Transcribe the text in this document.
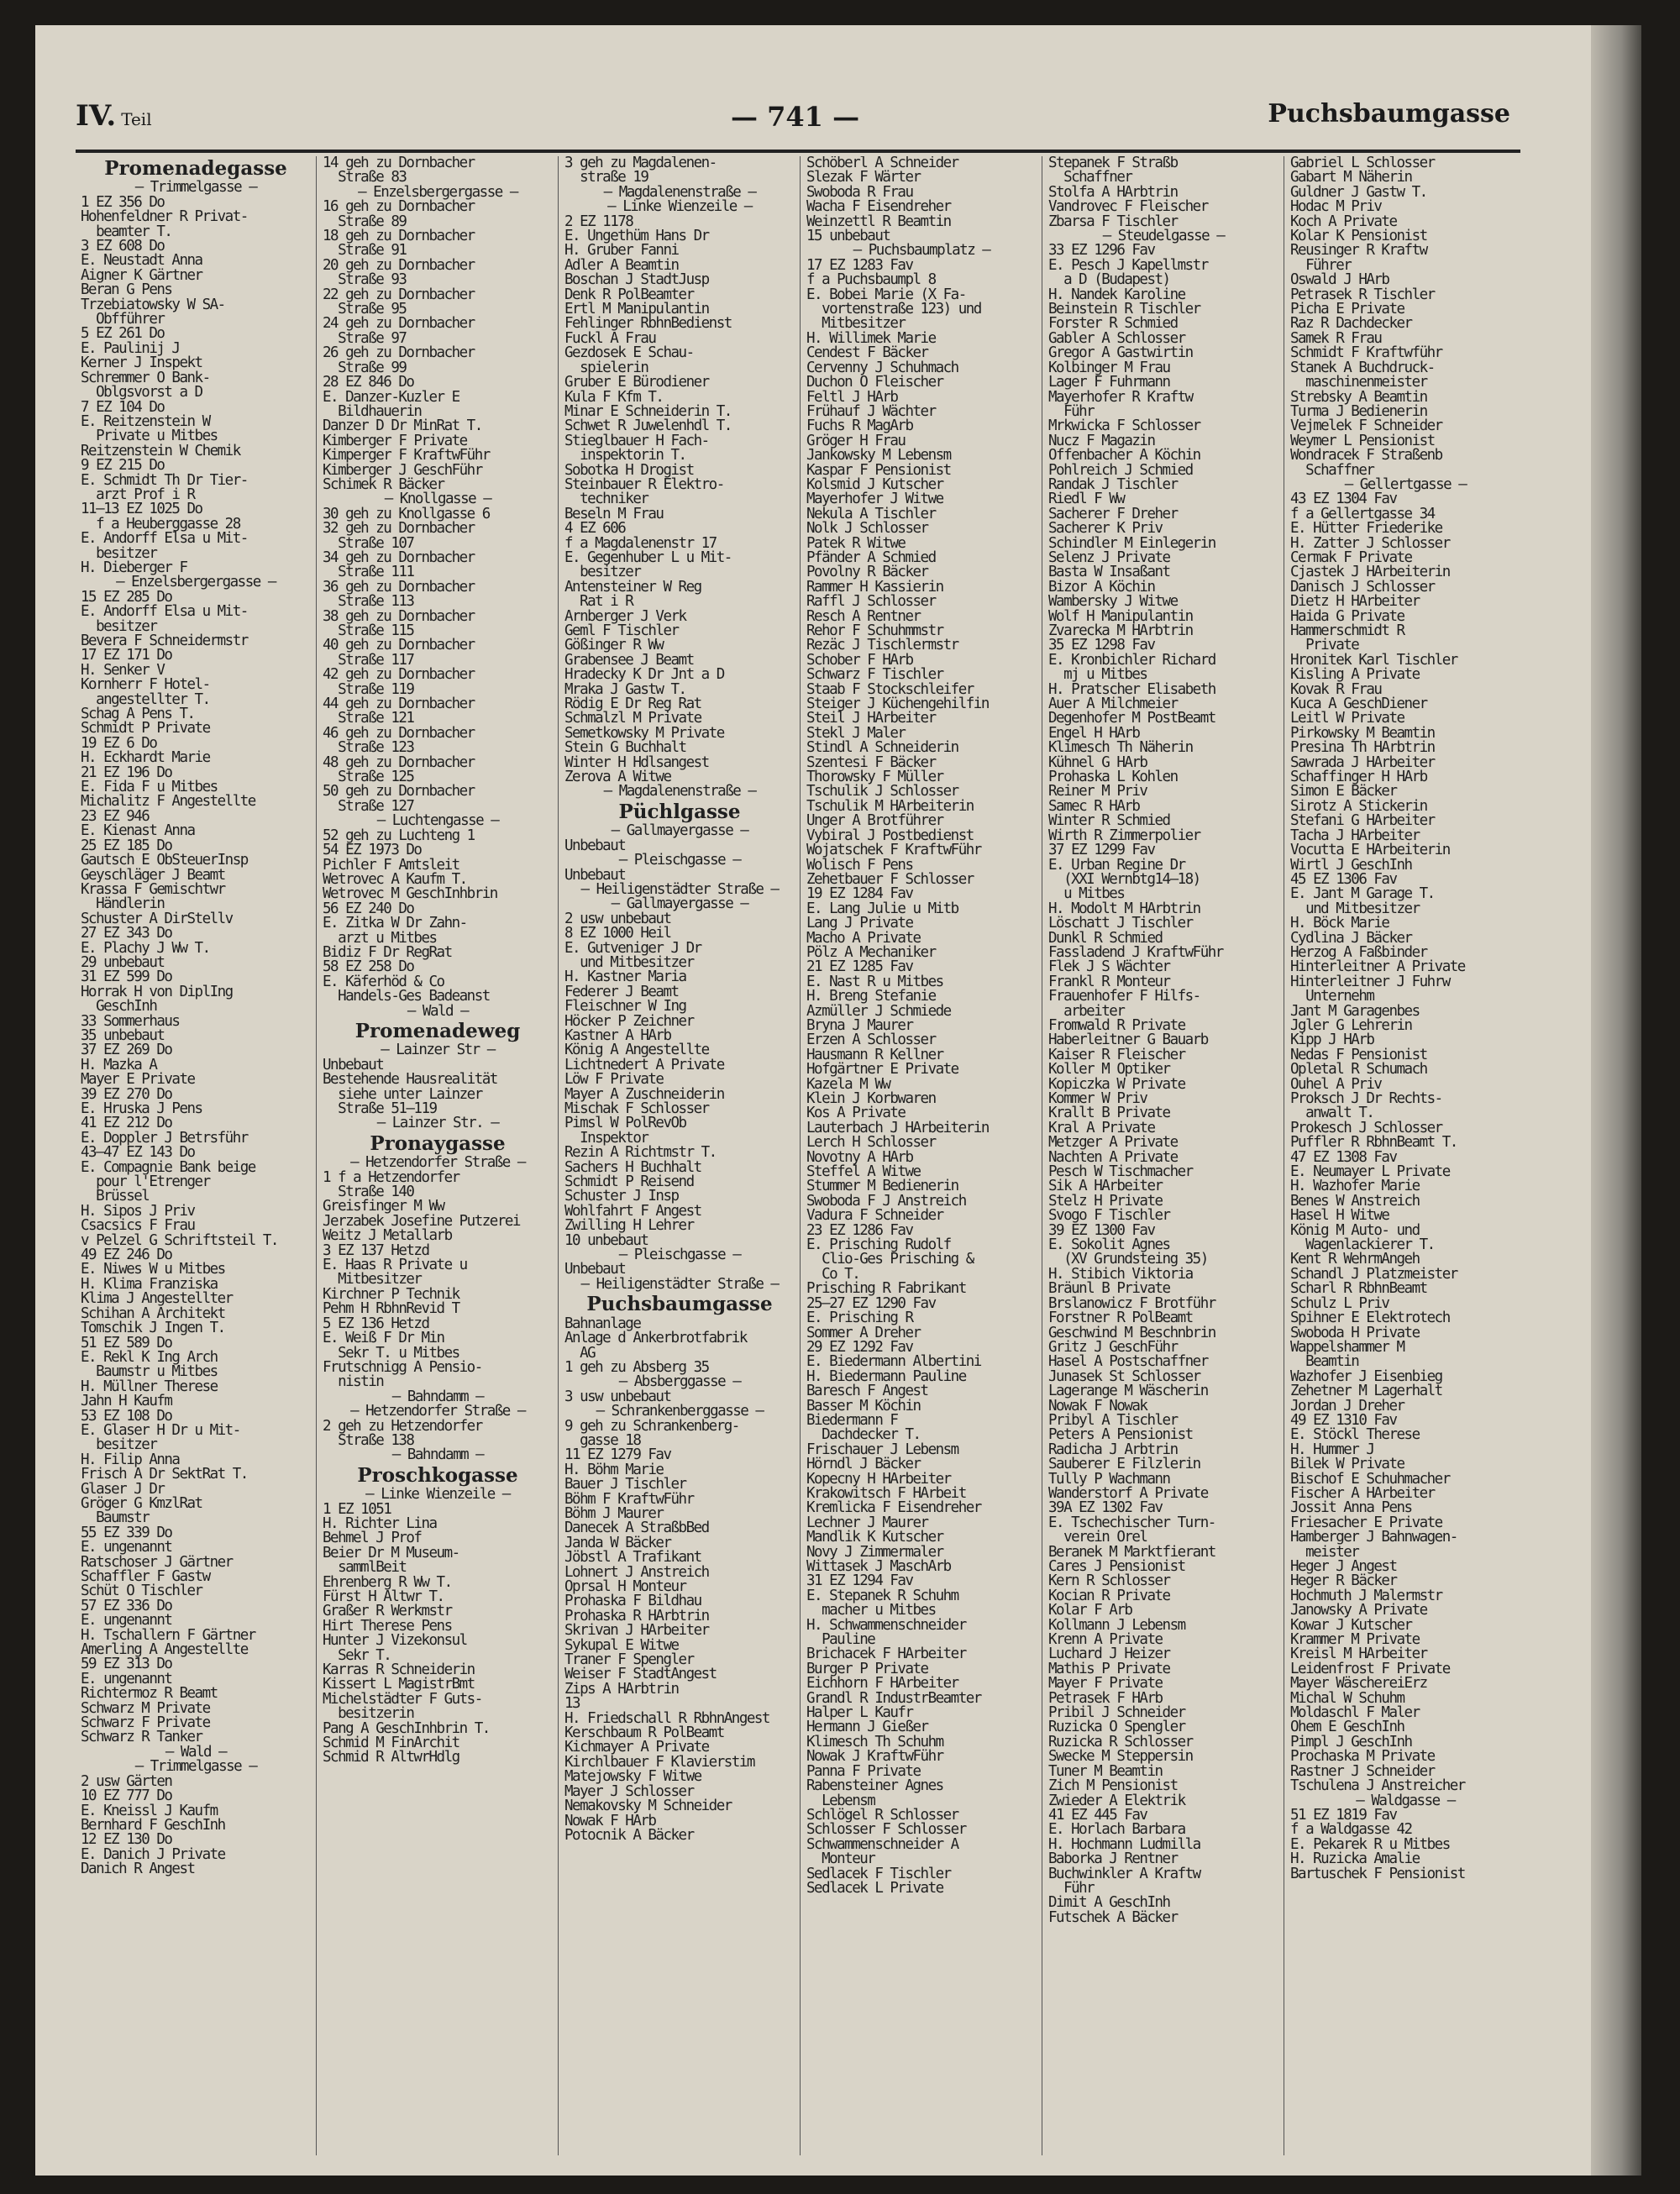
IV. Teil	— 741 —	Puchsbaumgasse
Promenadegasse
— Trimmelgasse —
1 EZ 356 Do
Hohenfeldner R Privat-
beamter T.
3 EZ 608 Do
E. Neustadt Anna
Aigner K Gärtner
Beran G Pens
Trzebiatowsky W SA-
Obfführer
5 EZ 261 Do
E. Paulinij J
Kerner J Inspekt
Schremmer O Bank-
Oblgsvorst a D
7 EZ 104 Do
E. Reitzenstein W
Private u Mitbes
Reitzenstein W Chemik
9 EZ 215 Do
E. Schmidt Th Dr Tier-
arzt Prof i R
11—13 EZ 1025 Do
f a Heuberggasse 28
E. Andorff Elsa u Mit-
besitzer
H. Dieberger F
— Enzelsbergergasse —
15 EZ 285 Do
E. Andorff Elsa u Mit-
besitzer
Bevera F Schneidermstr
17 EZ 171 Do
H. Senker V
Kornherr F Hotel-
angestellter T.
Schag A Pens T.
Schmidt P Private
19 EZ 6 Do
H. Eckhardt Marie
21 EZ 196 Do
E. Fida F u Mitbes
Michalitz F Angestellte
23 EZ 946
E. Kienast Anna
25 EZ 185 Do
Gautsch E ObSteuerInsp
Geyschläger J Beamt
Krassa F Gemischtwr
Händlerin
Schuster A DirStellv
27 EZ 343 Do
E. Plachy J Ww T.
29 unbebaut
31 EZ 599 Do
Horrak H von DiplIng
GeschInh
33 Sommerhaus
35 unbebaut
37 EZ 269 Do
H. Mazka A
Mayer E Private
39 EZ 270 Do
E. Hruska J Pens
41 EZ 212 Do
E. Doppler J Betrsführ
43—47 EZ 143 Do
E. Compagnie Bank beige
pour l'Etrenger
Brüssel
H. Sipos J Priv
Csacsics F Frau
v Pelzel G Schriftsteil T.
49 EZ 246 Do
E. Niwes W u Mitbes
H. Klima Franziska
Klima J Angestellter
Schihan A Architekt
Tomschik J Ingen T.
51 EZ 589 Do
E. Rekl K Ing Arch
Baumstr u Mitbes
H. Müllner Therese
Jahn H Kaufm
53 EZ 108 Do
E. Glaser H Dr u Mit-
besitzer
H. Filip Anna
Frisch A Dr SektRat T.
Glaser J Dr
Gröger G KmzlRat
Baumstr
55 EZ 339 Do
E. ungenannt
Ratschoser J Gärtner
Schaffler F Gastw
Schüt O Tischler
57 EZ 336 Do
E. ungenannt
H. Tschallern F Gärtner
Amerling A Angestellte
59 EZ 313 Do
E. ungenannt
Richtermoz R Beamt
Schwarz M Private
Schwarz F Private
Schwarz R Tanker
— Wald —
— Trimmelgasse —
2 usw Gärten
10 EZ 777 Do
E. Kneissl J Kaufm
Bernhard F GeschInh
12 EZ 130 Do
E. Danich J Private
Danich R Angest
14 geh zu Dornbacher
Straße 83
— Enzelsbergergasse —
16 geh zu Dornbacher
Straße 89
18 geh zu Dornbacher
Straße 91
20 geh zu Dornbacher
Straße 93
22 geh zu Dornbacher
Straße 95
24 geh zu Dornbacher
Straße 97
26 geh zu Dornbacher
Straße 99
28 EZ 846 Do
E. Danzer-Kuzler E
Bildhauerin
Danzer D Dr MinRat T.
Kimberger F Private
Kimperger F KraftwFühr
Kimberger J GeschFühr
Schimek R Bäcker
— Knollgasse —
30 geh zu Knollgasse 6
32 geh zu Dornbacher
Straße 107
34 geh zu Dornbacher
Straße 111
36 geh zu Dornbacher
Straße 113
38 geh zu Dornbacher
Straße 115
40 geh zu Dornbacher
Straße 117
42 geh zu Dornbacher
Straße 119
44 geh zu Dornbacher
Straße 121
46 geh zu Dornbacher
Straße 123
48 geh zu Dornbacher
Straße 125
50 geh zu Dornbacher
Straße 127
— Luchtengasse —
52 geh zu Luchteng 1
54 EZ 1973 Do
Pichler F Amtsleit
Wetrovec A Kaufm T.
Wetrovec M GeschInhbrin
56 EZ 240 Do
E. Zitka W Dr Zahn-
arzt u Mitbes
Bidiz F Dr RegRat
58 EZ 258 Do
E. Käferhöd & Co
Handels-Ges Badeanst
— Wald —
Promenadeweg
— Lainzer Str —
Unbebaut
Bestehende Hausrealität
siehe unter Lainzer
Straße 51—119
— Lainzer Str. —
Pronaygasse
— Hetzendorfer Straße —
1 f a Hetzendorfer
Straße 140
Greisfinger M Ww
Jerzabek Josefine Putzerei
Weitz J Metallarb
3 EZ 137 Hetzd
E. Haas R Private u
Mitbesitzer
Kirchner P Technik
Pehm H RbhnRevid T
5 EZ 136 Hetzd
E. Weiß F Dr Min
Sekr T. u Mitbes
Frutschnigg A Pensio-
nistin
— Bahndamm —
— Hetzendorfer Straße —
2 geh zu Hetzendorfer
Straße 138
— Bahndamm —
Proschkogasse
— Linke Wienzeile —
1 EZ 1051
H. Richter Lina
Behmel J Prof
Beier Dr M Museum-
sammlBeit
Ehrenberg R Ww T.
Fürst H Altwr T.
Graßer R Werkmstr
Hirt Therese Pens
Hunter J Vizekonsul
Sekr T.
Karras R Schneiderin
Kissert L MagistrBmt
Michelstädter F Guts-
besitzerin
Pang A GeschInhbrin T.
Schmid M FinArchit
Schmid R AltwrHdlg
3 geh zu Magdalenen-
straße 19
— Magdalenenstraße —
— Linke Wienzeile —
2 EZ 1178
E. Ungethüm Hans Dr
H. Gruber Fanni
Adler A Beamtin
Boschan J StadtJusp
Denk R PolBeamter
Ertl M Manipulantin
Fehlinger RbhnBedienst
Fuckl A Frau
Gezdosek E Schau-
spielerin
Gruber E Bürodiener
Kula F Kfm T.
Minar E Schneiderin T.
Schwet R Juwelenhdl T.
Stieglbauer H Fach-
inspektorin T.
Sobotka H Drogist
Steinbauer R Elektro-
techniker
Beseln M Frau
4 EZ 606
f a Magdalenenstr 17
E. Gegenhuber L u Mit-
besitzer
Antensteiner W Reg
Rat i R
Arnberger J Verk
Geml F Tischler
Gößinger R Ww
Grabensee J Beamt
Hradecky K Dr Jnt a D
Mraka J Gastw T.
Rödig E Dr Reg Rat
Schmalzl M Private
Semetkowsky M Private
Stein G Buchhalt
Winter H Hdlsangest
Zerova A Witwe
— Magdalenenstraße —
Püchlgasse
— Gallmayergasse —
Unbebaut
— Pleischgasse —
Unbebaut
— Heiligenstädter Straße —
— Gallmayergasse —
2 usw unbebaut
8 EZ 1000 Heil
E. Gutveniger J Dr
und Mitbesitzer
H. Kastner Maria
Federer J Beamt
Fleischner W Ing
Höcker P Zeichner
Kastner A HArb
König A Angestellte
Lichtnedert A Private
Löw F Private
Mayer A Zuschneiderin
Mischak F Schlosser
Pimsl W PolRevOb
Inspektor
Rezin A Richtmstr T.
Sachers H Buchhalt
Schmidt P Reisend
Schuster J Insp
Wohlfahrt F Angest
Zwilling H Lehrer
10 unbebaut
— Pleischgasse —
Unbebaut
— Heiligenstädter Straße —
Puchsbaumgasse
Bahnanlage
Anlage d Ankerbrotfabrik
AG
1 geh zu Absberg 35
— Absberggasse —
3 usw unbebaut
— Schrankenberggasse —
9 geh zu Schrankenberg-
gasse 18
11 EZ 1279 Fav
H. Böhm Marie
Bauer J Tischler
Böhm F KraftwFühr
Böhm J Maurer
Danecek A StraßbBed
Janda W Bäcker
Jöbstl A Trafikant
Lohnert J Anstreich
Oprsal H Monteur
Prohaska F Bildhau
Prohaska R HArbtrin
Skrivan J HArbeiter
Sykupal E Witwe
Traner F Spengler
Weiser F StadtAngest
Zips A HArbtrin
13
H. Friedschall R RbhnAngest
Kerschbaum R PolBeamt
Kichmayer A Private
Kirchlbauer F Klavierstim
Matejowsky F Witwe
Mayer J Schlosser
Nemakovsky M Schneider
Nowak F HArb
Potocnik A Bäcker
Schöberl A Schneider
Slezak F Wärter
Swoboda R Frau
Wacha F Eisendreher
Weinzettl R Beamtin
15 unbebaut
— Puchsbaumplatz —
17 EZ 1283 Fav
f a Puchsbaumpl 8
E. Bobei Marie (X Fa-
vortenstraße 123) und
Mitbesitzer
H. Willimek Marie
Cendest F Bäcker
Cervenny J Schuhmach
Duchon O Fleischer
Feltl J HArb
Frühauf J Wächter
Fuchs R MagArb
Gröger H Frau
Jankowsky M Lebensm
Kaspar F Pensionist
Kolsmid J Kutscher
Mayerhofer J Witwe
Nekula A Tischler
Nolk J Schlosser
Patek R Witwe
Pfänder A Schmied
Povolny R Bäcker
Rammer H Kassierin
Raffl J Schlosser
Resch A Rentner
Rehor F Schuhmmstr
Rezäc J Tischlermstr
Schober F HArb
Schwarz F Tischler
Staab F Stockschleifer
Steiger J Küchengehilfin
Steil J HArbeiter
Stekl J Maler
Stindl A Schneiderin
Szentesi F Bäcker
Thorowsky F Müller
Tschulik J Schlosser
Tschulik M HArbeiterin
Unger A Brotführer
Vybiral J Postbedienst
Wojatschek F KraftwFühr
Wolisch F Pens
Zehetbauer F Schlosser
19 EZ 1284 Fav
E. Lang Julie u Mitb
Lang J Private
Macho A Private
Pölz A Mechaniker
21 EZ 1285 Fav
E. Nast R u Mitbes
H. Breng Stefanie
Azmüller J Schmiede
Bryna J Maurer
Erzen A Schlosser
Hausmann R Kellner
Hofgärtner E Private
Kazela M Ww
Klein J Korbwaren
Kos A Private
Lauterbach J HArbeiterin
Lerch H Schlosser
Novotny A HArb
Steffel A Witwe
Stummer M Bedienerin
Swoboda F J Anstreich
Vadura F Schneider
23 EZ 1286 Fav
E. Prisching Rudolf
Clio-Ges Prisching &
Co T.
Prisching R Fabrikant
25—27 EZ 1290 Fav
E. Prisching R
Sommer A Dreher
29 EZ 1292 Fav
E. Biedermann Albertini
H. Biedermann Pauline
Baresch F Angest
Basser M Köchin
Biedermann F
Dachdecker T.
Frischauer J Lebensm
Hörndl J Bäcker
Kopecny H HArbeiter
Krakowitsch F HArbeit
Kremlicka F Eisendreher
Lechner J Maurer
Mandlik K Kutscher
Novy J Zimmermaler
Wittasek J MaschArb
31 EZ 1294 Fav
E. Stepanek R Schuhm
macher u Mitbes
H. Schwammenschneider
Pauline
Brichacek F HArbeiter
Burger P Private
Eichhorn F HArbeiter
Grandl R IndustrBeamter
Halper L Kaufr
Hermann J Gießer
Klimesch Th Schuhm
Nowak J KraftwFühr
Panna F Private
Rabensteiner Agnes
Lebensm
Schlögel R Schlosser
Schlosser F Schlosser
Schwammenschneider A
Monteur
Sedlacek F Tischler
Sedlacek L Private
Stepanek F Straßb
Schaffner
Stolfa A HArbtrin
Vandrovec F Fleischer
Zbarsa F Tischler
— Steudelgasse —
33 EZ 1296 Fav
E. Pesch J Kapellmstr
a D (Budapest)
H. Nandek Karoline
Beinstein R Tischler
Forster R Schmied
Gabler A Schlosser
Gregor A Gastwirtin
Kolbinger M Frau
Lager F Fuhrmann
Mayerhofer R Kraftw
Führ
Mrkwicka F Schlosser
Nucz F Magazin
Offenbacher A Köchin
Pohlreich J Schmied
Randak J Tischler
Riedl F Ww
Sacherer F Dreher
Sacherer K Priv
Schindler M Einlegerin
Selenz J Private
Basta W Insaßant
Bizor A Köchin
Wambersky J Witwe
Wolf H Manipulantin
Zvarecka M HArbtrin
35 EZ 1298 Fav
E. Kronbichler Richard
mj u Mitbes
H. Pratscher Elisabeth
Auer A Milchmeier
Degenhofer M PostBeamt
Engel H HArb
Klimesch Th Näherin
Kühnel G HArb
Prohaska L Kohlen
Reiner M Priv
Samec R HArb
Winter R Schmied
Wirth R Zimmerpolier
37 EZ 1299 Fav
E. Urban Regine Dr
(XXI Wernbtg14—18)
u Mitbes
H. Modolt M HArbtrin
Löschatt J Tischler
Dunkl R Schmied
Fassladend J KraftwFühr
Flek J S Wächter
Frankl R Monteur
Frauenhofer F Hilfs-
arbeiter
Fromwald R Private
Haberleitner G Bauarb
Kaiser R Fleischer
Koller M Optiker
Kopiczka W Private
Kommer W Priv
Krallt B Private
Kral A Private
Metzger A Private
Nachten A Private
Pesch W Tischmacher
Sik A HArbeiter
Stelz H Private
Svogo F Tischler
39 EZ 1300 Fav
E. Sokolit Agnes
(XV Grundsteing 35)
H. Stibich Viktoria
Bräunl B Private
Brslanowicz F Brotführ
Forstner R PolBeamt
Geschwind M Beschnbrin
Gritz J GeschFühr
Hasel A Postschaffner
Junasek St Schlosser
Lagerange M Wäscherin
Nowak F Nowak
Pribyl A Tischler
Peters A Pensionist
Radicha J Arbtrin
Sauberer E Filzlerin
Tully P Wachmann
Wanderstorf A Private
39A EZ 1302 Fav
E. Tschechischer Turn-
verein Orel
Beranek M Marktfierant
Cares J Pensionist
Kern R Schlosser
Kocian R Private
Kolar F Arb
Kollmann J Lebensm
Krenn A Private
Luchard J Heizer
Mathis P Private
Mayer F Private
Petrasek F HArb
Pribil J Schneider
Ruzicka O Spengler
Ruzicka R Schlosser
Swecke M Steppersin
Tuner M Beamtin
Zich M Pensionist
Zwieder A Elektrik
41 EZ 445 Fav
E. Horlach Barbara
H. Hochmann Ludmilla
Baborka J Rentner
Buchwinkler A Kraftw
Führ
Dimit A GeschInh
Futschek A Bäcker
Gabriel L Schlosser
Gabart M Näherin
Guldner J Gastw T.
Hodac M Priv
Koch A Private
Kolar K Pensionist
Reusinger R Kraftw
Führer
Oswald J HArb
Petrasek R Tischler
Picha E Private
Raz R Dachdecker
Samek R Frau
Schmidt F Kraftwführ
Stanek A Buchdruck-
maschinenmeister
Strebsky A Beamtin
Turma J Bedienerin
Vejmelek F Schneider
Weymer L Pensionist
Wondracek F Straßenb
Schaffner
— Gellertgasse —
43 EZ 1304 Fav
f a Gellertgasse 34
E. Hütter Friederike
H. Zatter J Schlosser
Cermak F Private
Cjastek J HArbeiterin
Danisch J Schlosser
Dietz H HArbeiter
Haida G Private
Hammerschmidt R
Private
Hronitek Karl Tischler
Kisling A Private
Kovak R Frau
Kuca A GeschDiener
Leitl W Private
Pirkowsky M Beamtin
Presina Th HArbtrin
Sawrada J HArbeiter
Schaffinger H HArb
Simon E Bäcker
Sirotz A Stickerin
Stefani G HArbeiter
Tacha J HArbeiter
Vocutta E HArbeiterin
Wirtl J GeschInh
45 EZ 1306 Fav
E. Jant M Garage T.
und Mitbesitzer
H. Böck Marie
Cydlina J Bäcker
Herzog A Faßbinder
Hinterleitner A Private
Hinterleitner J Fuhrw
Unternehm
Jant M Garagenbes
Jgler G Lehrerin
Kipp J HArb
Nedas F Pensionist
Opletal R Schumach
Ouhel A Priv
Proksch J Dr Rechts-
anwalt T.
Prokesch J Schlosser
Puffler R RbhnBeamt T.
47 EZ 1308 Fav
E. Neumayer L Private
H. Wazhofer Marie
Benes W Anstreich
Hasel H Witwe
König M Auto- und
Wagenlackierer T.
Kent R WehrmAngeh
Schandl J Platzmeister
Scharl R RbhnBeamt
Schulz L Priv
Spihner E Elektrotech
Swoboda H Private
Wappelshammer M
Beamtin
Wazhofer J Eisenbieg
Zehetner M Lagerhalt
Jordan J Dreher
49 EZ 1310 Fav
E. Stöckl Therese
H. Hummer J
Bilek W Private
Bischof E Schuhmacher
Fischer A HArbeiter
Jossit Anna Pens
Friesacher E Private
Hamberger J Bahnwagen-
meister
Heger J Angest
Heger R Bäcker
Hochmuth J Malermstr
Janowsky A Private
Kowar J Kutscher
Krammer M Private
Kreisl M HArbeiter
Leidenfrost F Private
Mayer WäschereiErz
Michal W Schuhm
Moldaschl F Maler
Ohem E GeschInh
Pimpl J GeschInh
Prochaska M Private
Rastner J Schneider
Tschulena J Anstreicher
— Waldgasse —
51 EZ 1819 Fav
f a Waldgasse 42
E. Pekarek R u Mitbes
H. Ruzicka Amalie
Bartuschek F Pensionist
